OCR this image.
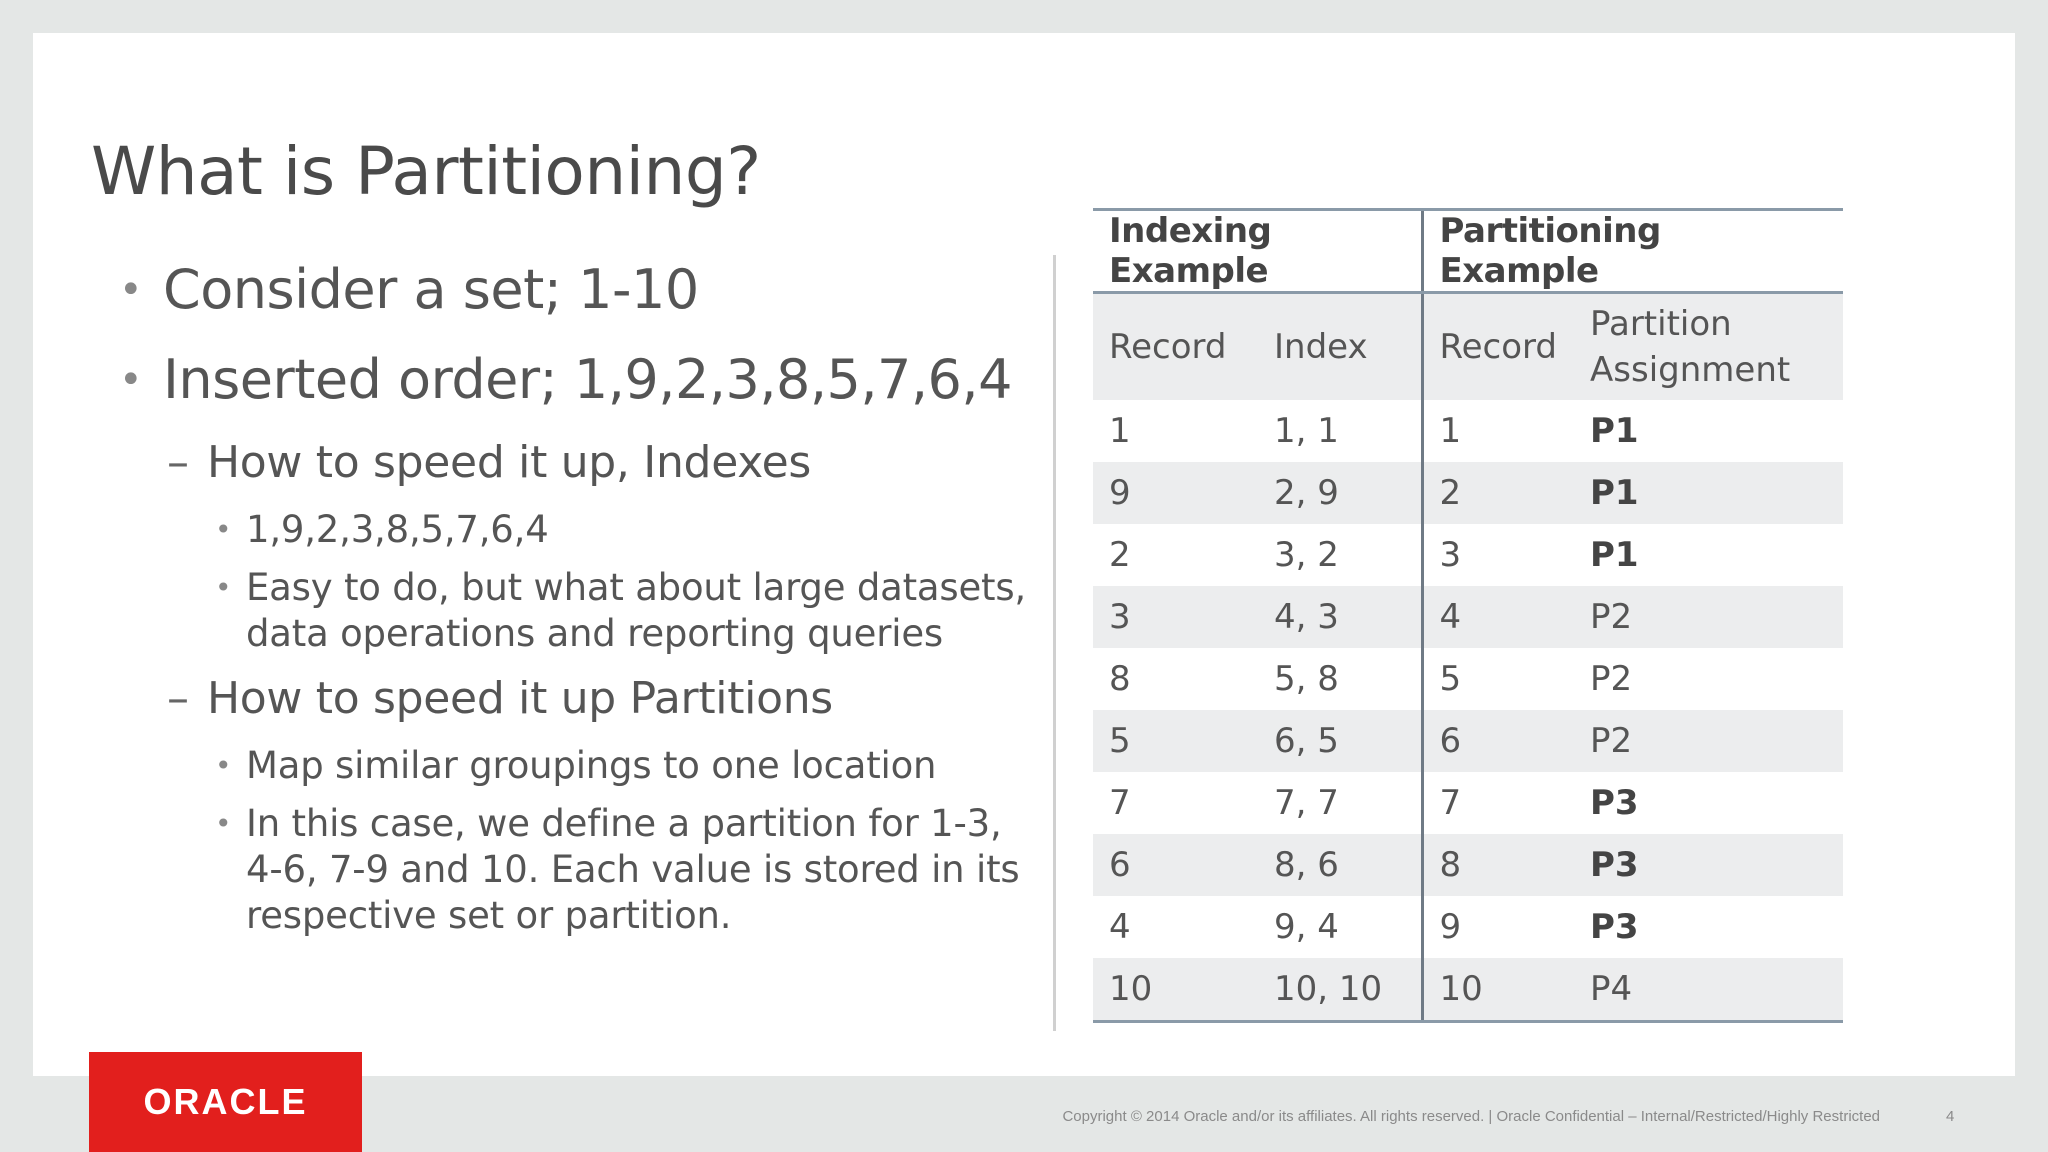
What is Partitioning?
• Consider a set; 1-10
• Inserted order; 1,9,2,3,8,5,7,6,4
– How to speed it up, Indexes
• 1,9,2,3,8,5,7,6,4
• Easy to do, but what about large datasets, data operations and reporting queries
– How to speed it up Partitions
• Map similar groupings to one location
• In this case, we define a partition for 1-3, 4-6, 7-9 and 10. Each value is stored in its respective set or partition.
Indexing Example		Partitioning Example	
Record	Index	Record	Partition Assignment
1	1, 1	1	P1
9	2, 9	2	P1
2	3, 2	3	P1
3	4, 3	4	P2
8	5, 8	5	P2
5	6, 5	6	P2
7	7, 7	7	P3
6	8, 6	8	P3
4	9, 4	9	P3
10	10, 10	10	P4
ORACLE	Copyright © 2014 Oracle and/or its affiliates. All rights reserved. | Oracle Confidential – Internal/Restricted/Highly Restricted	4
